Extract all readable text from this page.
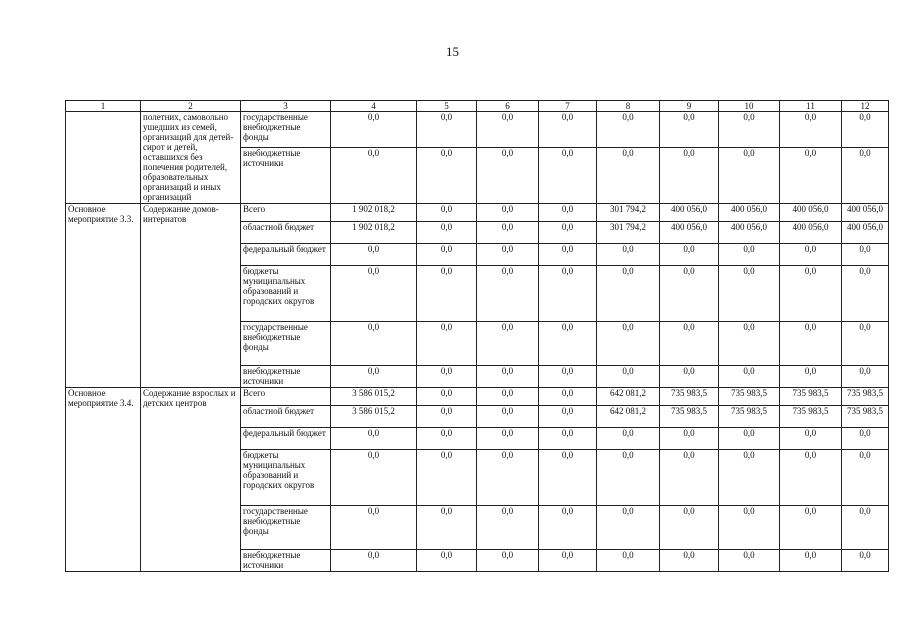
15
1	2	3	4	5	6	7	8	9	10	11	12
	полетних, самовольно ушедших из семей, организаций для детей-сирот и детей, оставшихся без попечения родителей, образовательных организаций и иных организаций	государственные внебюджетные фонды	0,0	0,0	0,0	0,0	0,0	0,0	0,0	0,0	0,0
		внебюджетные источники	0,0	0,0	0,0	0,0	0,0	0,0	0,0	0,0	0,0
Основное мероприятие 3.3.	Содержание домов-интернатов	Всего	1 902 018,2	0,0	0,0	0,0	301 794,2	400 056,0	400 056,0	400 056,0	400 056,0
		областной бюджет	1 902 018,2	0,0	0,0	0,0	301 794,2	400 056,0	400 056,0	400 056,0	400 056,0
		федеральный бюджет	0,0	0,0	0,0	0,0	0,0	0,0	0,0	0,0	0,0
		бюджеты муниципальных образований и городских округов	0,0	0,0	0,0	0,0	0,0	0,0	0,0	0,0	0,0
		государственные внебюджетные фонды	0,0	0,0	0,0	0,0	0,0	0,0	0,0	0,0	0,0
		внебюджетные источники	0,0	0,0	0,0	0,0	0,0	0,0	0,0	0,0	0,0
Основное мероприятие 3.4.	Содержание взрослых и детских центров	Всего	3 586 015,2	0,0	0,0	0,0	642 081,2	735 983,5	735 983,5	735 983,5	735 983,5
		областной бюджет	3 586 015,2	0,0	0,0	0,0	642 081,2	735 983,5	735 983,5	735 983,5	735 983,5
		федеральный бюджет	0,0	0,0	0,0	0,0	0,0	0,0	0,0	0,0	0,0
		бюджеты муниципальных образований и городских округов	0,0	0,0	0,0	0,0	0,0	0,0	0,0	0,0	0,0
		государственные внебюджетные фонды	0,0	0,0	0,0	0,0	0,0	0,0	0,0	0,0	0,0
		внебюджетные источники	0,0	0,0	0,0	0,0	0,0	0,0	0,0	0,0	0,0
